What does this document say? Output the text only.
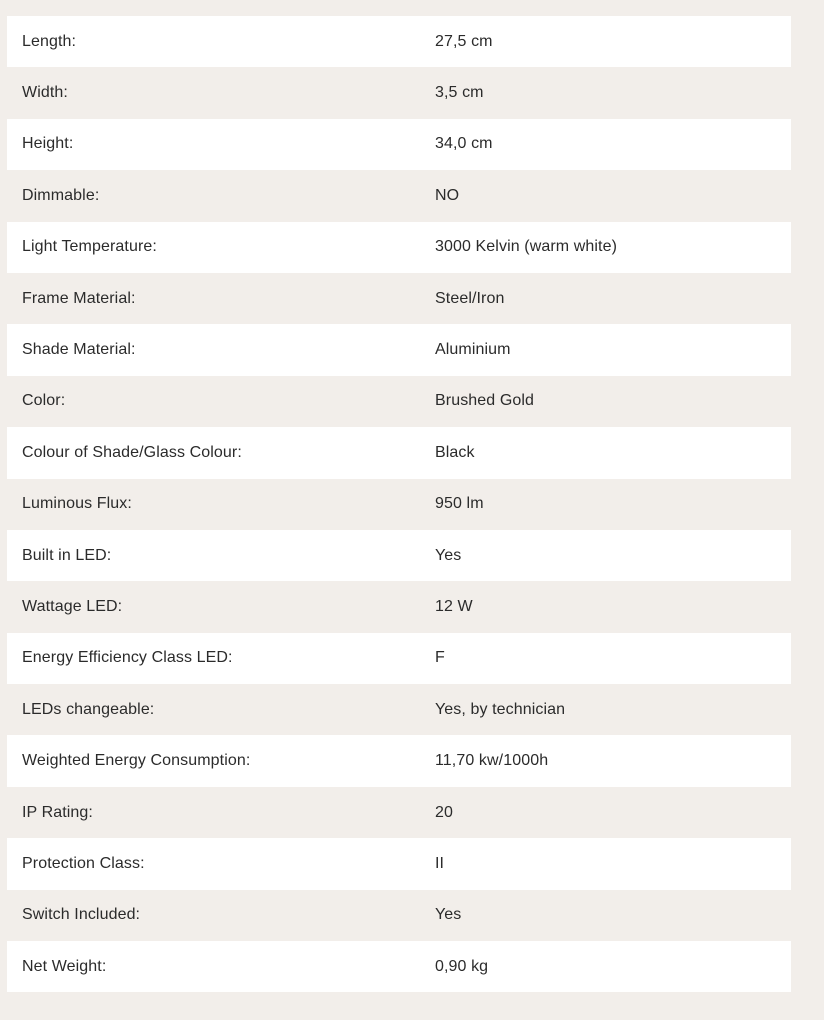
Length:	27,5 cm
Width:	3,5 cm
Height:	34,0 cm
Dimmable:	NO
Light Temperature:	3000 Kelvin (warm white)
Frame Material:	Steel/Iron
Shade Material:	Aluminium
Color:	Brushed Gold
Colour of Shade/Glass Colour:	Black
Luminous Flux:	950 lm
Built in LED:	Yes
Wattage LED:	12 W
Energy Efficiency Class LED:	F
LEDs changeable:	Yes, by technician
Weighted Energy Consumption:	11,70 kw/1000h
IP Rating:	20
Protection Class:	II
Switch Included:	Yes
Net Weight:	0,90 kg
